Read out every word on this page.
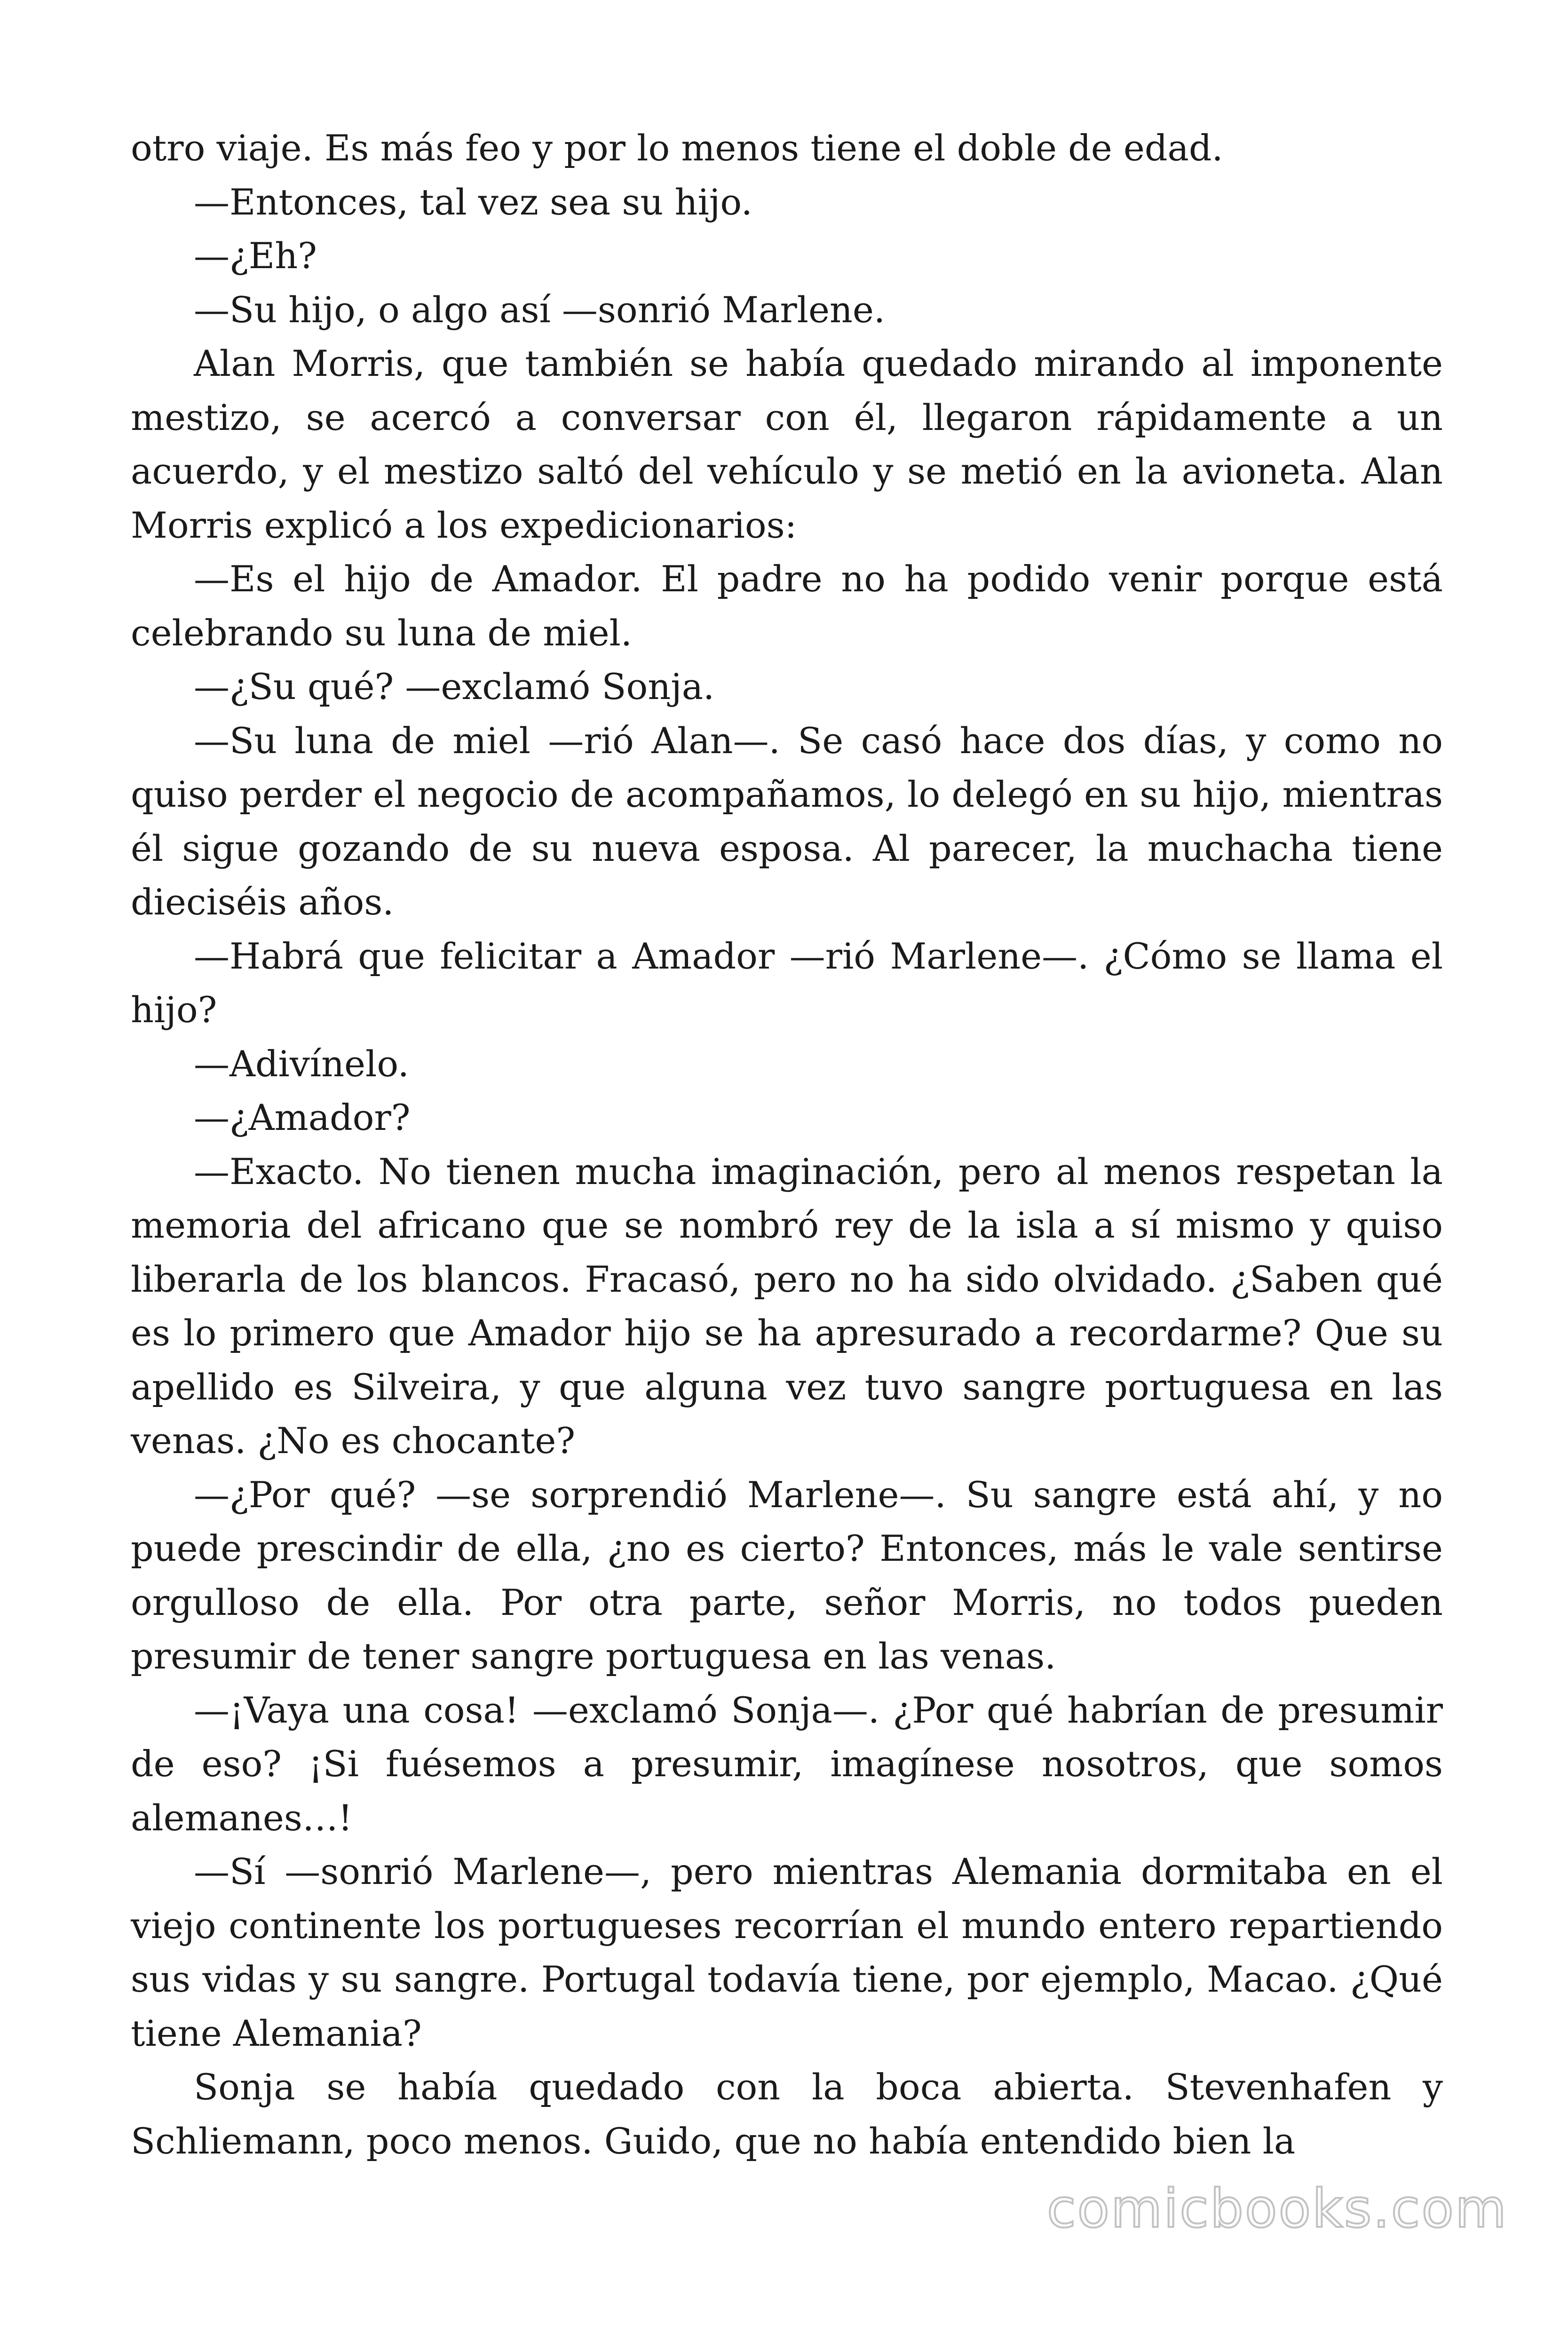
otro viaje. Es más feo y por lo menos tiene el doble de edad.

—Entonces, tal vez sea su hijo.

—¿Eh?

—Su hijo, o algo así —sonrió Marlene.

Alan Morris, que también se había quedado mirando al imponente mestizo, se acercó a conversar con él, llegaron rápidamente a un acuerdo, y el mestizo saltó del vehículo y se metió en la avioneta. Alan Morris explicó a los expedicionarios:

—Es el hijo de Amador. El padre no ha podido venir porque está celebrando su luna de miel.

—¿Su qué? —exclamó Sonja.

—Su luna de miel —rió Alan—. Se casó hace dos días, y como no quiso perder el negocio de acompañamos, lo delegó en su hijo, mientras él sigue gozando de su nueva esposa. Al parecer, la muchacha tiene dieciséis años.

—Habrá que felicitar a Amador —rió Marlene—. ¿Cómo se llama el hijo?

—Adivínelo.

—¿Amador?

—Exacto. No tienen mucha imaginación, pero al menos respetan la memoria del africano que se nombró rey de la isla a sí mismo y quiso liberarla de los blancos. Fracasó, pero no ha sido olvidado. ¿Saben qué es lo primero que Amador hijo se ha apresurado a recordarme? Que su apellido es Silveira, y que alguna vez tuvo sangre portuguesa en las venas. ¿No es chocante?

—¿Por qué? —se sorprendió Marlene—. Su sangre está ahí, y no puede prescindir de ella, ¿no es cierto? Entonces, más le vale sentirse orgulloso de ella. Por otra parte, señor Morris, no todos pueden presumir de tener sangre portuguesa en las venas.

—¡Vaya una cosa! —exclamó Sonja—. ¿Por qué habrían de presumir de eso? ¡Si fuésemos a presumir, imagínese nosotros, que somos alemanes…!

—Sí —sonrió Marlene—, pero mientras Alemania dormitaba en el viejo continente los portugueses recorrían el mundo entero repartiendo sus vidas y su sangre. Portugal todavía tiene, por ejemplo, Macao. ¿Qué tiene Alemania?

Sonja se había quedado con la boca abierta. Stevenhafen y Schliemann, poco menos. Guido, que no había entendido bien la

comicbooks.com
